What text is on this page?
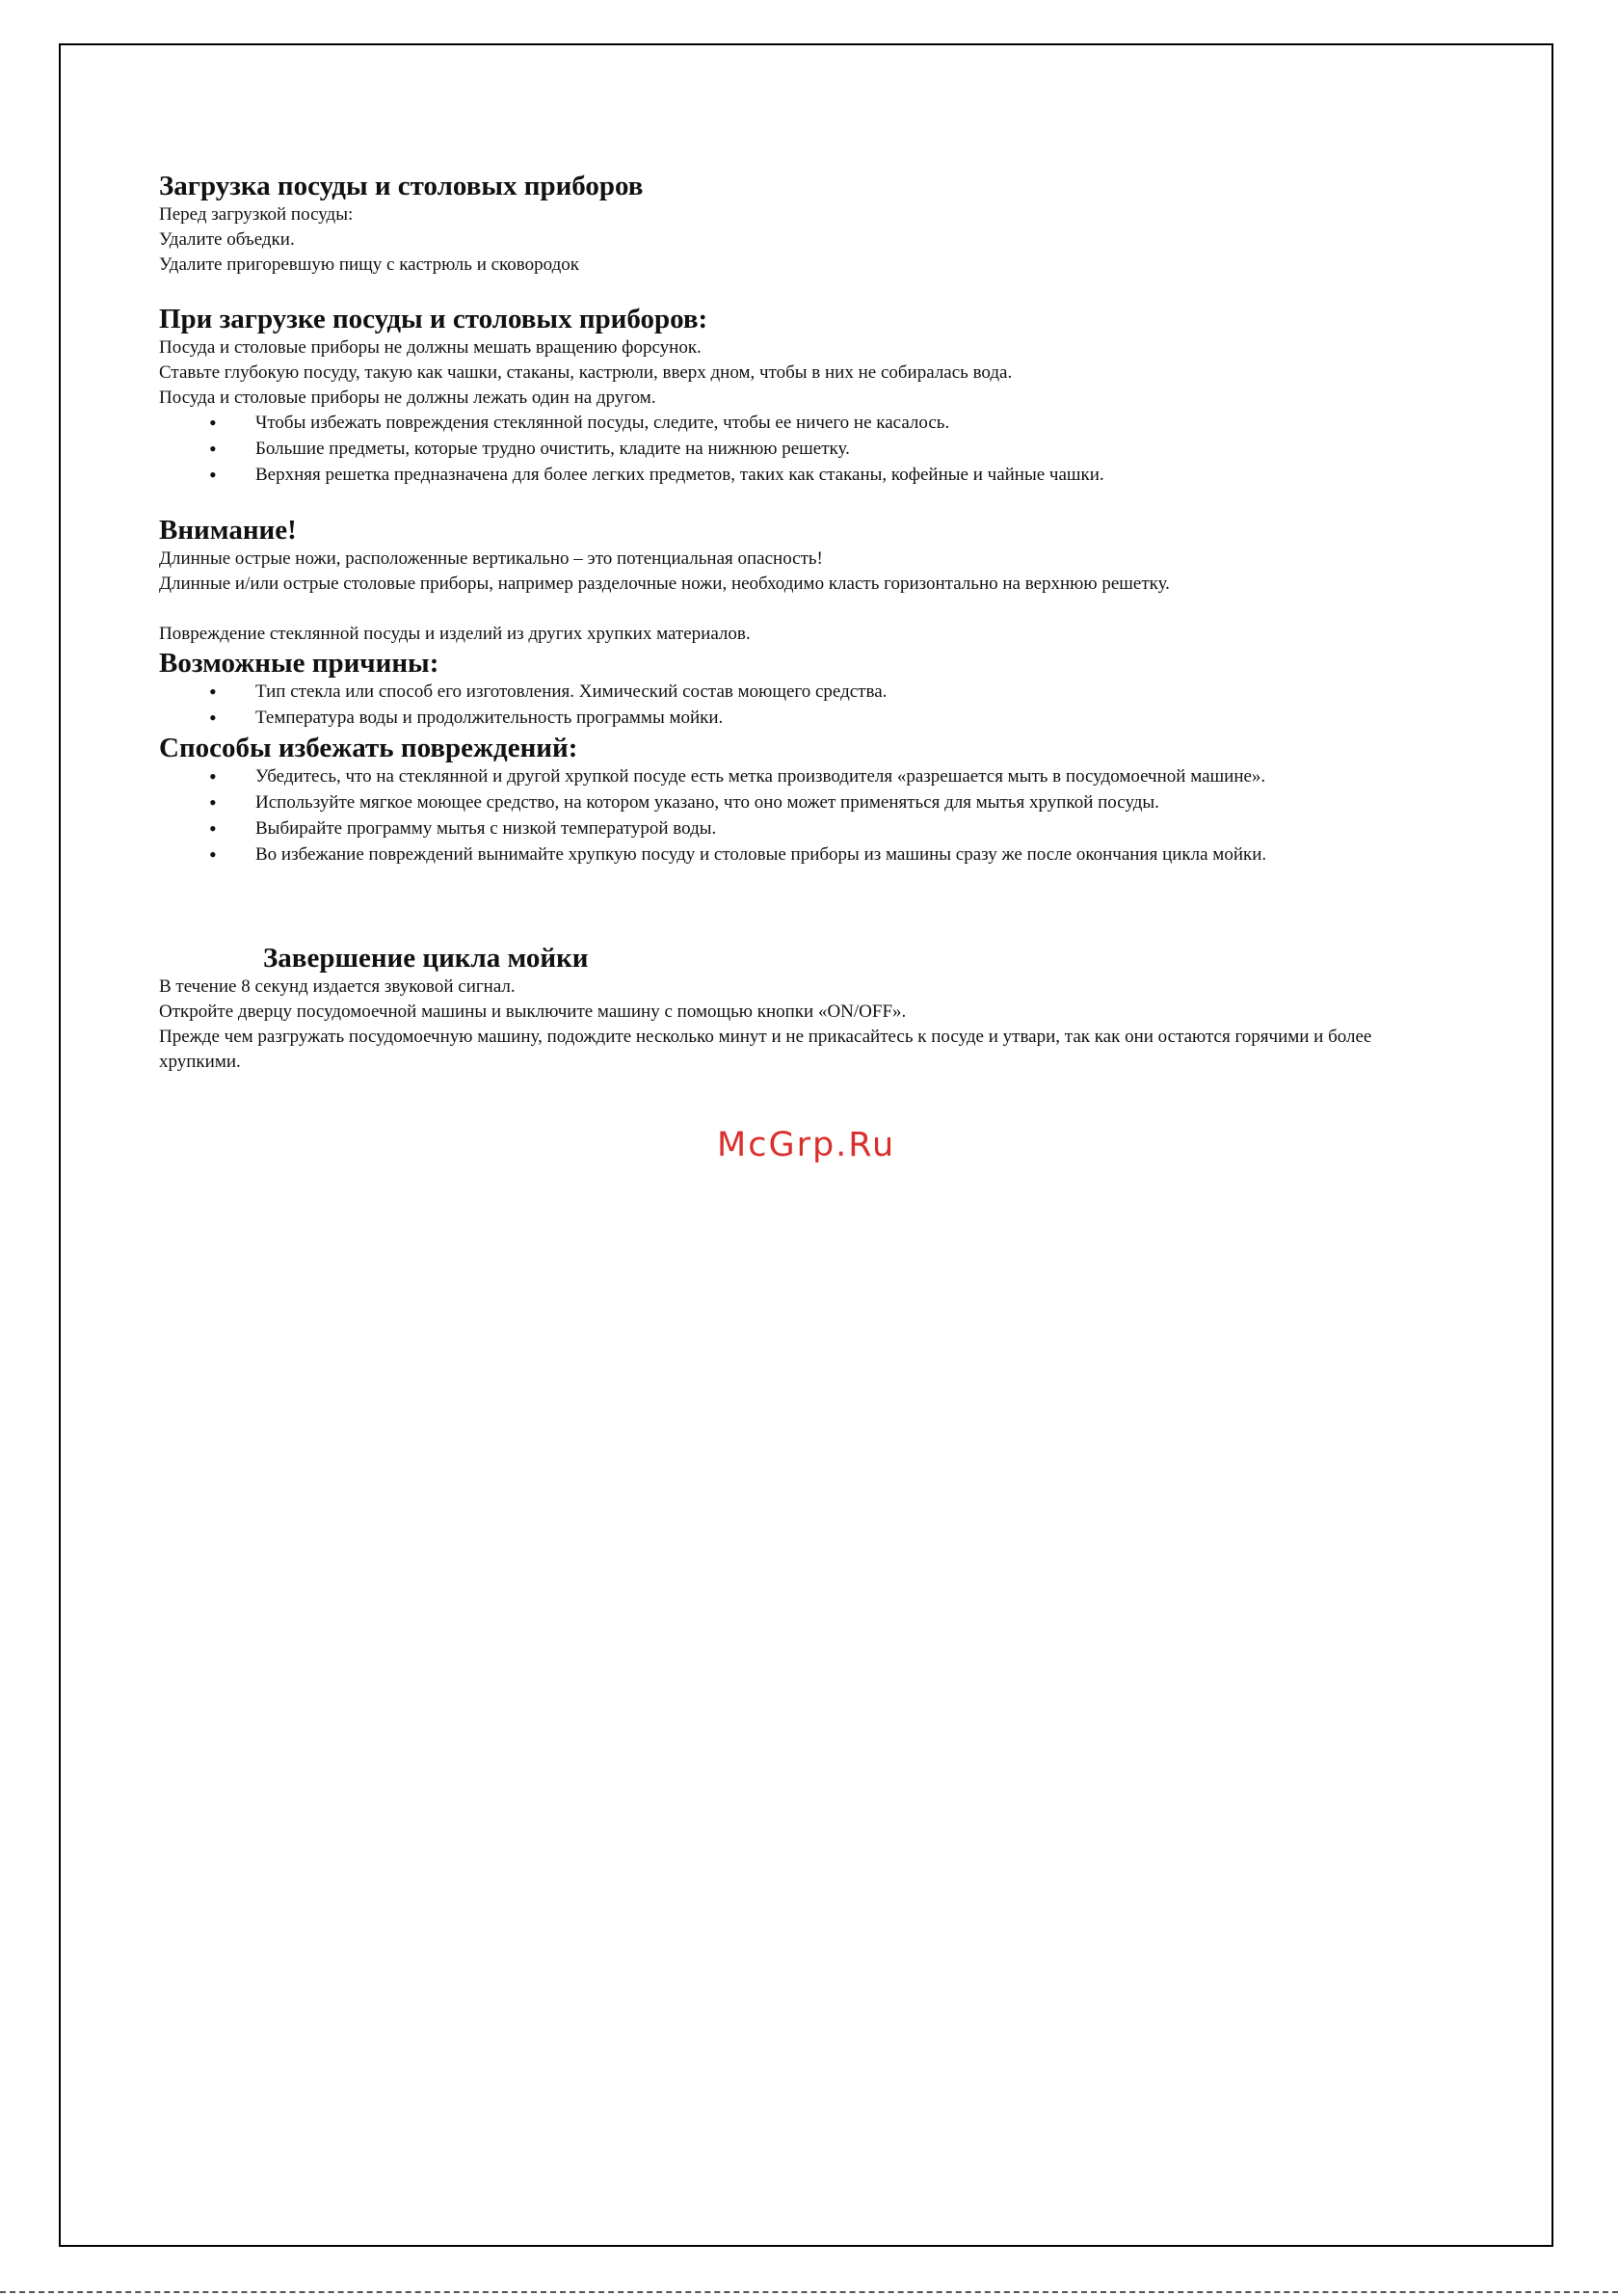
Загрузка посуды и столовых приборов

Перед загрузкой посуды:

Удалите объедки.

Удалите пригоревшую пищу с кастрюль и сковородок

При загрузке посуды и столовых приборов:

Посуда и столовые приборы не должны мешать вращению форсунок.

Ставьте глубокую посуду, такую как чашки, стаканы, кастрюли, вверх дном, чтобы в них не собиралась вода.

Посуда и столовые приборы не должны лежать один на другом.

• Чтобы избежать повреждения стеклянной посуды, следите, чтобы ее ничего не касалось.
• Большие предметы, которые трудно очистить, кладите на нижнюю решетку.
• Верхняя решетка предназначена для более легких предметов, таких как стаканы, кофейные и чайные чашки.
Внимание!

Длинные острые ножи, расположенные вертикально – это потенциальная опасность!

Длинные и/или острые столовые приборы, например разделочные ножи, необходимо класть горизонтально на верхнюю решетку.

Повреждение стеклянной посуды и изделий из других хрупких материалов.

Возможные причины:
• Тип стекла или способ его изготовления. Химический состав моющего средства.
• Температура воды и продолжительность программы мойки.
Способы избежать повреждений:
• Убедитесь, что на стеклянной и другой хрупкой посуде есть метка производителя «разрешается мыть в посудомоечной машине».
• Используйте мягкое моющее средство, на котором указано, что оно может применяться для мытья хрупкой посуды.
• Выбирайте программу мытья с низкой температурой воды.
• Во избежание повреждений вынимайте хрупкую посуду и столовые приборы из машины сразу же после окончания цикла мойки.
Завершение цикла мойки

В течение 8 секунд издается звуковой сигнал.

Откройте дверцу посудомоечной машины и выключите машину с помощью кнопки «ON/OFF».

Прежде чем разгружать посудомоечную машину, подождите несколько минут и не прикасайтесь к посуде и утвари, так как они остаются горячими и более хрупкими.

McGrp.Ru
